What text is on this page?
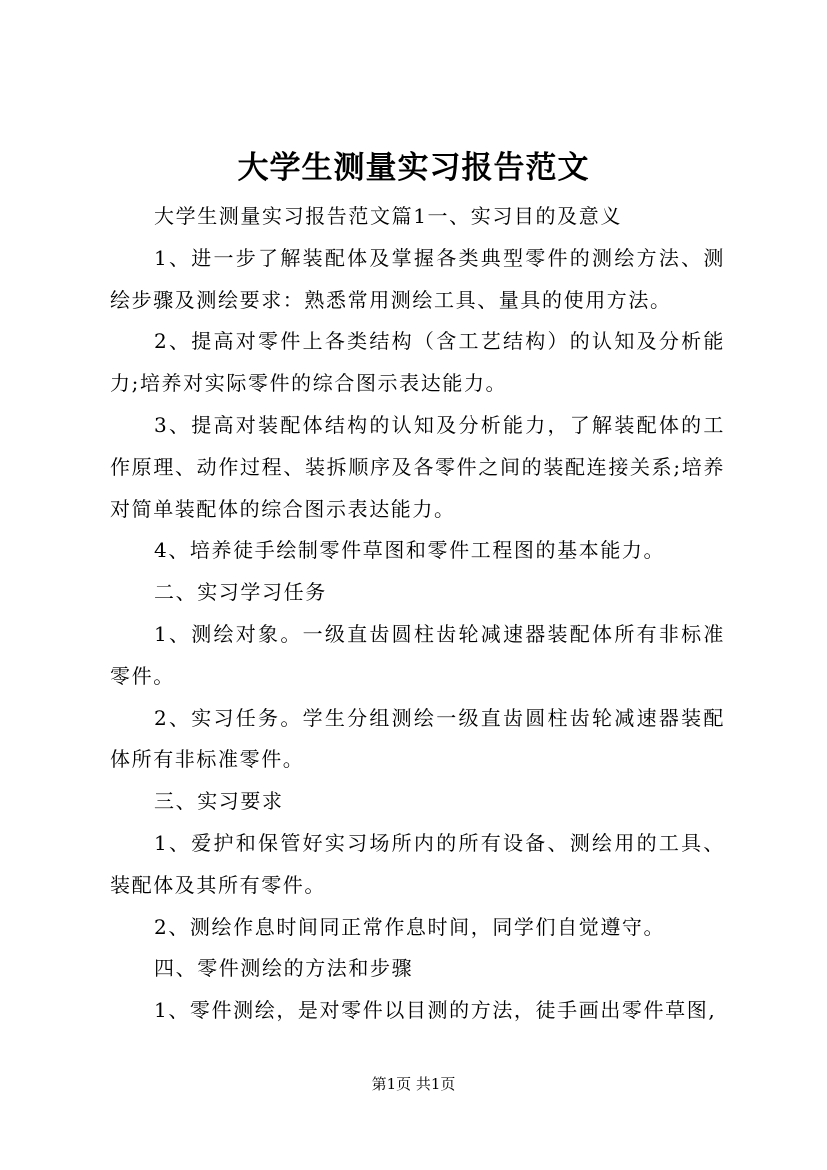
大学生测量实习报告范文

大学生测量实习报告范文篇1一、实习目的及意义

1、进一步了解装配体及掌握各类典型零件的测绘方法、测绘步骤及测绘要求：熟悉常用测绘工具、量具的使用方法。

2、提高对零件上各类结构（含工艺结构）的认知及分析能力;培养对实际零件的综合图示表达能力。

3、提高对装配体结构的认知及分析能力，了解装配体的工作原理、动作过程、装拆顺序及各零件之间的装配连接关系;培养对简单装配体的综合图示表达能力。

4、培养徒手绘制零件草图和零件工程图的基本能力。

二、实习学习任务

1、测绘对象。一级直齿圆柱齿轮减速器装配体所有非标准零件。

2、实习任务。学生分组测绘一级直齿圆柱齿轮减速器装配体所有非标准零件。

三、实习要求

1、爱护和保管好实习场所内的所有设备、测绘用的工具、装配体及其所有零件。

2、测绘作息时间同正常作息时间，同学们自觉遵守。

四、零件测绘的方法和步骤

1、零件测绘，是对零件以目测的方法，徒手画出零件草图,

第1页 共1页
